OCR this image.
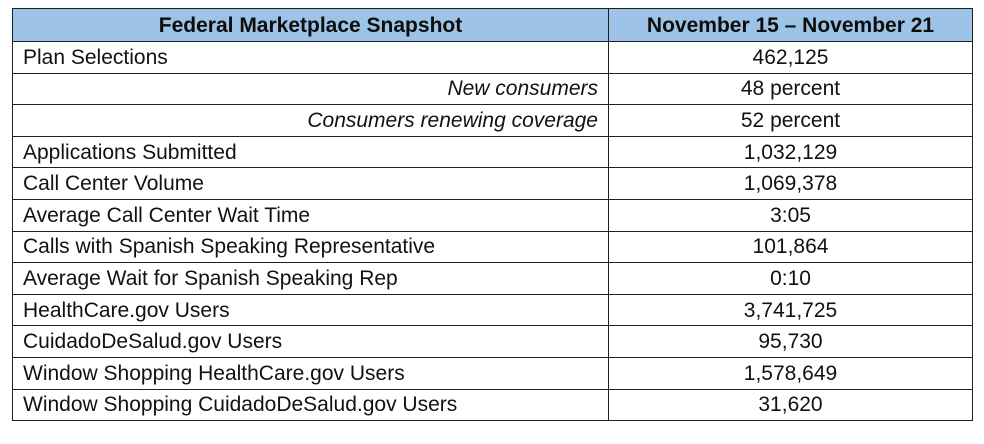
Federal Marketplace Snapshot	November 15 – November 21
Plan Selections	462,125
New consumers	48 percent
Consumers renewing coverage	52 percent
Applications Submitted	1,032,129
Call Center Volume	1,069,378
Average Call Center Wait Time	3:05
Calls with Spanish Speaking Representative	101,864
Average Wait for Spanish Speaking Rep	0:10
HealthCare.gov Users	3,741,725
CuidadoDeSalud.gov Users	95,730
Window Shopping HealthCare.gov Users	1,578,649
Window Shopping CuidadoDeSalud.gov Users	31,620
